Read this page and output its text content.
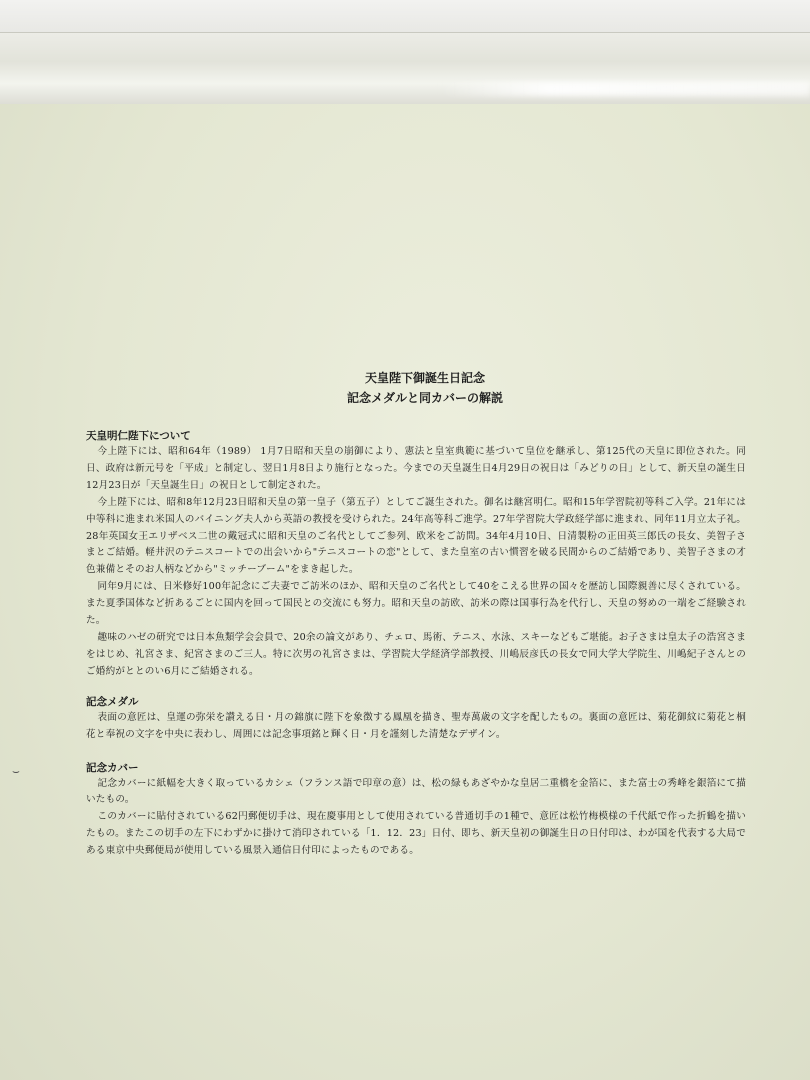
⌣

天皇陛下御誕生日記念

記念メダルと同カバーの解説

天皇明仁陛下について

今上陛下には、昭和64年（1989） 1月7日昭和天皇の崩御により、憲法と皇室典範に基づいて皇位を継承し、第125代の天皇に即位された。同日、政府は新元号を「平成」と制定し、翌日1月8日より施行となった。今までの天皇誕生日4月29日の祝日は「みどりの日」として、新天皇の誕生日12月23日が「天皇誕生日」の祝日として制定された。

今上陛下には、昭和8年12月23日昭和天皇の第一皇子（第五子）としてご誕生された。御名は継宮明仁。昭和15年学習院初等科ご入学。21年には中等科に進まれ米国人のバイニング夫人から英語の教授を受けられた。24年高等科ご進学。27年学習院大学政経学部に進まれ、同年11月立太子礼。28年英国女王エリザベス二世の戴冠式に昭和天皇のご名代としてご参列、欧米をご訪問。34年4月10日、日清製粉の正田英三郎氏の長女、美智子さまとご結婚。軽井沢のテニスコートでの出会いから"テニスコートの恋"として、また皇室の古い慣習を破る民間からのご結婚であり、美智子さまの才色兼備とそのお人柄などから"ミッチーブーム"をまき起した。

同年9月には、日米修好100年記念にご夫妻でご訪米のほか、昭和天皇のご名代として40をこえる世界の国々を歴訪し国際親善に尽くされている。また夏季国体など折あるごとに国内を回って国民との交流にも努力。昭和天皇の訪欧、訪米の際は国事行為を代行し、天皇の努めの一端をご経験された。

趣味のハゼの研究では日本魚類学会会員で、20余の論文があり、チェロ、馬術、テニス、水泳、スキーなどもご堪能。お子さまは皇太子の浩宮さまをはじめ、礼宮さま、紀宮さまのご三人。特に次男の礼宮さまは、学習院大学経済学部教授、川嶋辰彦氏の長女で同大学大学院生、川嶋紀子さんとのご婚約がととのい6月にご結婚される。

記念メダル

表面の意匠は、皇運の弥栄を讃える日・月の錦旗に陛下を象徴する鳳凰を描き、聖寿萬歳の文字を配したもの。裏面の意匠は、菊花御紋に菊花と桐花と奉祝の文字を中央に表わし、周囲には記念事項銘と輝く日・月を謹刻した清楚なデザイン。

記念カバー

記念カバーに紙幅を大きく取っているカシェ（フランス語で印章の意）は、松の緑もあざやかな皇居二重橋を金箔に、また富士の秀峰を銀箔にて描いたもの。

このカバーに貼付されている62円郵便切手は、現在慶事用として使用されている普通切手の1種で、意匠は松竹梅模様の千代紙で作った折鶴を描いたもの。またこの切手の左下にわずかに掛けて消印されている「1．12．23」日付、即ち、新天皇初の御誕生日の日付印は、わが国を代表する大局である東京中央郵便局が使用している風景入通信日付印によったものである。
